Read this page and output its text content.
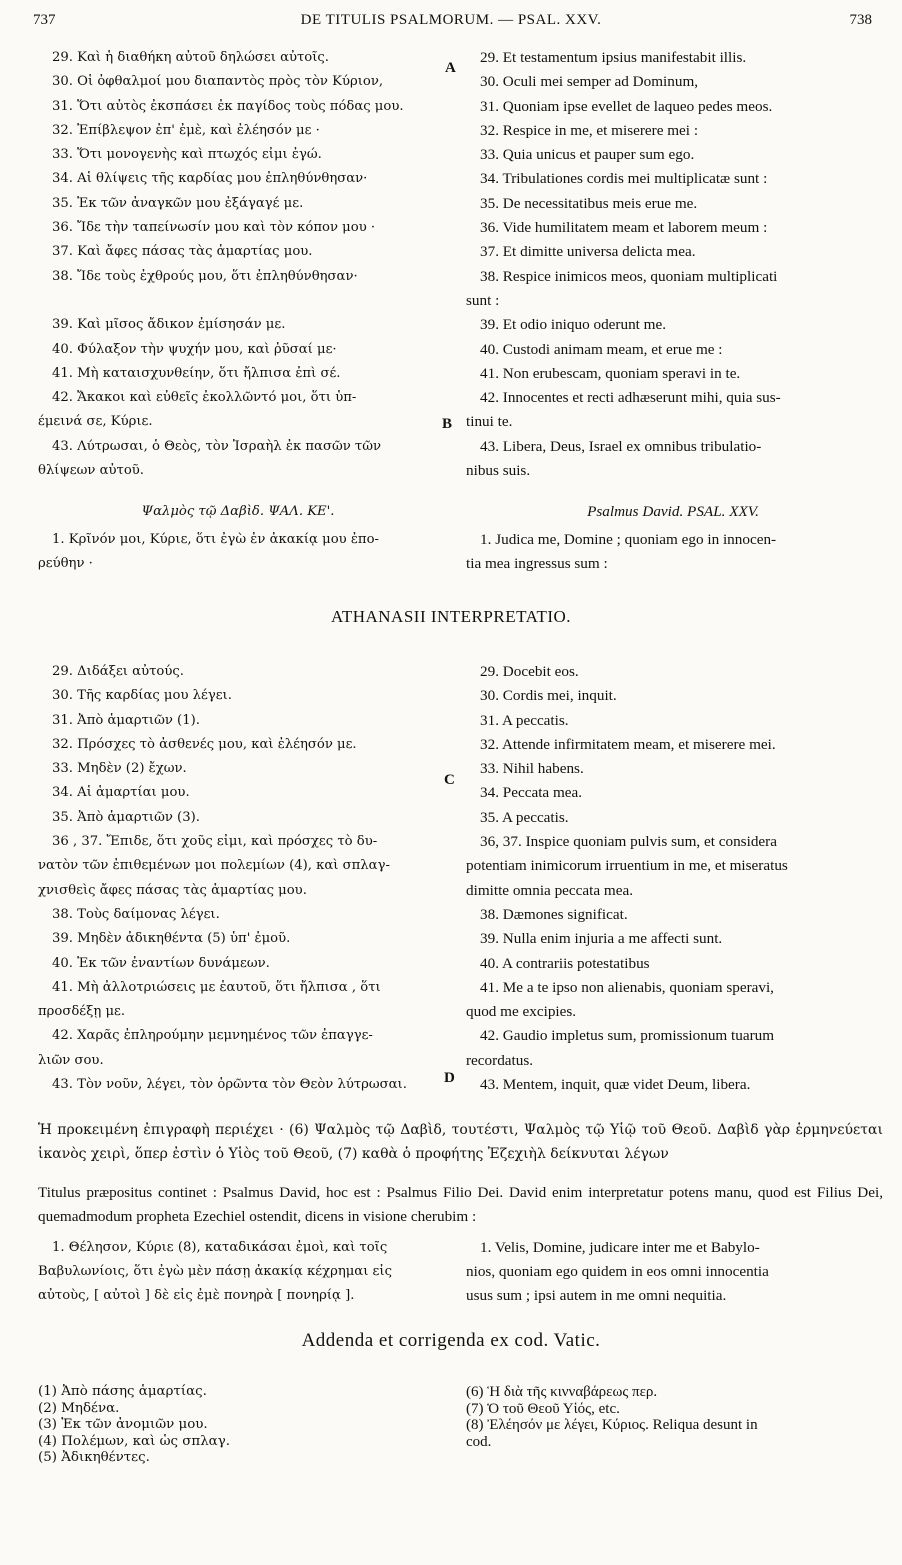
737	DE TITULIS PSALMORUM. — PSAL. XXV.	738
A
B
C
D
29. Καὶ ἡ διαθήκη αὐτοῦ δηλώσει αὐτοῖς.
30. Οἱ ὀφθαλμοί μου διαπαντὸς πρὸς τὸν Κύριον,
31. Ὅτι αὐτὸς ἐκσπάσει ἐκ παγίδος τοὺς πόδας μου.
32. Ἐπίβλεψον ἐπ' ἐμὲ, καὶ ἐλέησόν με ·
33. Ὅτι μονογενὴς καὶ πτωχός εἰμι ἐγώ.
34. Αἱ θλίψεις τῆς καρδίας μου ἐπληθύνθησαν·
35. Ἐκ τῶν ἀναγκῶν μου ἐξάγαγέ με.
36. Ἴδε τὴν ταπείνωσίν μου καὶ τὸν κόπον μου ·
37. Καὶ ἄφες πάσας τὰς ἁμαρτίας μου.
38. Ἴδε τοὺς ἐχθρούς μου, ὅτι ἐπληθύνθησαν·

39. Καὶ μῖσος ἄδικον ἐμίσησάν με.
40. Φύλαξον τὴν ψυχήν μου, καὶ ῥῦσαί με·
41. Μὴ καταισχυνθείην, ὅτι ἤλπισα ἐπὶ σέ.
42. Ἄκακοι καὶ εὐθεῖς ἐκολλῶντό μοι, ὅτι ὑπ-
έμεινά σε, Κύριε.
43. Λύτρωσαι, ὁ Θεὸς, τὸν Ἰσραὴλ ἐκ πασῶν τῶν
θλίψεων αὐτοῦ.
29. Et testamentum ipsius manifestabit illis.
30. Oculi mei semper ad Dominum,
31. Quoniam ipse evellet de laqueo pedes meos.
32. Respice in me, et miserere mei :
33. Quia unicus et pauper sum ego.
34. Tribulationes cordis mei multiplicatæ sunt :
35. De necessitatibus meis erue me.
36. Vide humilitatem meam et laborem meum :
37. Et dimitte universa delicta mea.
38. Respice inimicos meos, quoniam multiplicati
sunt :
39. Et odio iniquo oderunt me.
40. Custodi animam meam, et erue me :
41. Non erubescam, quoniam speravi in te.
42. Innocentes et recti adhæserunt mihi, quia sus-
tinui te.
43. Libera, Deus, Israel ex omnibus tribulatio-
nibus suis.
Ψαλμὸς τῷ Δαβὶδ. ΨΑΛ. ΚΕ'.	Psalmus David. PSAL. XXV.
1. Κρῖνόν μοι, Κύριε, ὅτι ἐγὼ ἐν ἀκακίᾳ μου ἐπο-
ρεύθην ·
1. Judica me, Domine ; quoniam ego in innocen-
tia mea ingressus sum :
ATHANASII INTERPRETATIO.
29. Διδάξει αὐτούς.
30. Τῆς καρδίας μου λέγει.
31. Ἀπὸ ἁμαρτιῶν (1).
32. Πρόσχες τὸ ἀσθενές μου, καὶ ἐλέησόν με.
33. Μηδὲν (2) ἔχων.
34. Αἱ ἁμαρτίαι μου.
35. Ἀπὸ ἁμαρτιῶν (3).
36 , 37. Ἔπιδε, ὅτι χοῦς εἰμι, καὶ πρόσχες τὸ δυ-
νατὸν τῶν ἐπιθεμένων μοι πολεμίων (4), καὶ σπλαγ-
χνισθεὶς ἄφες πάσας τὰς ἁμαρτίας μου.
38. Τοὺς δαίμονας λέγει.
39. Μηδὲν ἀδικηθέντα (5) ὑπ' ἐμοῦ.
40. Ἐκ τῶν ἐναντίων δυνάμεων.
41. Μὴ ἀλλοτριώσεις με ἑαυτοῦ, ὅτι ἤλπισα , ὅτι
προσδέξῃ με.
42. Χαρᾶς ἐπληρούμην μεμνημένος τῶν ἐπαγγε-
λιῶν σου.
43. Τὸν νοῦν, λέγει, τὸν ὁρῶντα τὸν Θεὸν λύτρωσαι.
29. Docebit eos.
30. Cordis mei, inquit.
31. A peccatis.
32. Attende infirmitatem meam, et miserere mei.
33. Nihil habens.
34. Peccata mea.
35. A peccatis.
36, 37. Inspice quoniam pulvis sum, et considera
potentiam inimicorum irruentium in me, et miseratus
dimitte omnia peccata mea.
38. Dæmones significat.
39. Nulla enim injuria a me affecti sunt.
40. A contrariis potestatibus
41. Me a te ipso non alienabis, quoniam speravi,
quod me excipies.
42. Gaudio impletus sum, promissionum tuarum
recordatus.
43. Mentem, inquit, quæ videt Deum, libera.
Ἡ προκειμένη ἐπιγραφὴ περιέχει · (6) Ψαλμὸς τῷ Δαβὶδ, τουτέστι, Ψαλμὸς τῷ Υἱῷ τοῦ Θεοῦ. Δαβὶδ γὰρ ἑρμηνεύεται ἱκανὸς χειρὶ, ὅπερ ἐστὶν ὁ Υἱὸς τοῦ Θεοῦ, (7) καθὰ ὁ προφήτης Ἐζεχιὴλ δείκνυται λέγων
Titulus præpositus continet : Psalmus David, hoc est : Psalmus Filio Dei. David enim interpretatur potens manu, quod est Filius Dei, quemadmodum propheta Ezechiel ostendit, dicens in visione cherubim :
1. Θέλησον, Κύριε (8), καταδικάσαι ἐμοὶ, καὶ τοῖς
Βαβυλωνίοις, ὅτι ἐγὼ μὲν πάσῃ ἀκακίᾳ κέχρημαι εἰς
αὐτοὺς, [ αὐτοὶ ] δὲ εἰς ἐμὲ πονηρὰ [ πονηρίᾳ ].
1. Velis, Domine, judicare inter me et Babylo-
nios, quoniam ego quidem in eos omni innocentia
usus sum ; ipsi autem in me omni nequitia.
Addenda et corrigenda ex cod. Vatic.
(1) Ἀπὸ πάσης ἁμαρτίας.
(2) Μηδένα.
(3) Ἐκ τῶν ἀνομιῶν μου.
(4) Πολέμων, καὶ ὡς σπλαγ.
(5) Ἀδικηθέντες.
(6) Ἡ διὰ τῆς κινναβάρεως περ.
(7) Ὁ τοῦ Θεοῦ Υἱός, etc.
(8) Ἐλέησόν με λέγει, Κύριος. Reliqua desunt in
cod.
